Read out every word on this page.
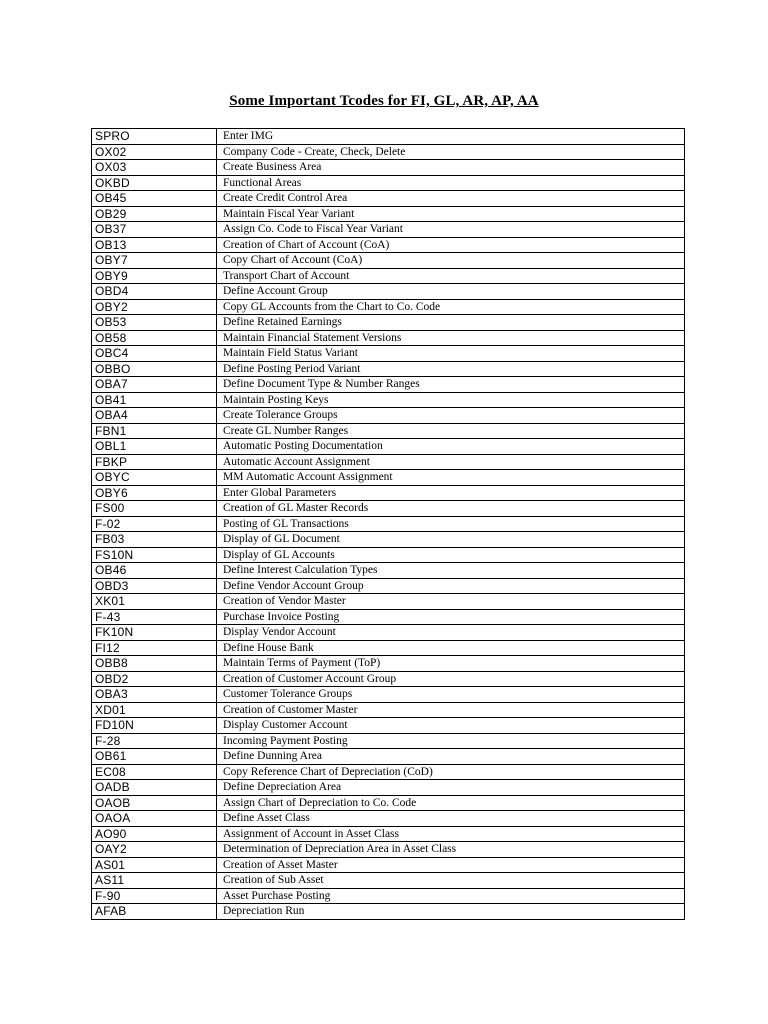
Some Important Tcodes for FI, GL, AR, AP, AA
SPRO	Enter IMG
OX02	Company Code - Create, Check, Delete
OX03	Create Business Area
OKBD	Functional Areas
OB45	Create Credit Control Area
OB29	Maintain Fiscal Year Variant
OB37	Assign Co. Code to Fiscal Year Variant
OB13	Creation of Chart of Account (CoA)
OBY7	Copy Chart of Account (CoA)
OBY9	Transport Chart of Account
OBD4	Define Account Group
OBY2	Copy GL Accounts from the Chart to Co. Code
OB53	Define Retained Earnings
OB58	Maintain Financial Statement Versions
OBC4	Maintain Field Status Variant
OBBO	Define Posting Period Variant
OBA7	Define Document Type & Number Ranges
OB41	Maintain Posting Keys
OBA4	Create Tolerance Groups
FBN1	Create GL Number Ranges
OBL1	Automatic Posting Documentation
FBKP	Automatic Account Assignment
OBYC	MM Automatic Account Assignment
OBY6	Enter Global Parameters
FS00	Creation of GL Master Records
F-02	Posting of GL Transactions
FB03	Display of GL Document
FS10N	Display of GL Accounts
OB46	Define Interest Calculation Types
OBD3	Define Vendor Account Group
XK01	Creation of Vendor Master
F-43	Purchase Invoice Posting
FK10N	Display Vendor Account
FI12	Define House Bank
OBB8	Maintain Terms of Payment (ToP)
OBD2	Creation of Customer Account Group
OBA3	Customer Tolerance Groups
XD01	Creation of Customer Master
FD10N	Display Customer Account
F-28	Incoming Payment Posting
OB61	Define Dunning Area
EC08	Copy Reference Chart of Depreciation (CoD)
OADB	Define Depreciation Area
OAOB	Assign Chart of Depreciation to Co. Code
OAOA	Define Asset Class
AO90	Assignment of Account in Asset Class
OAY2	Determination of Depreciation Area in Asset Class
AS01	Creation of Asset Master
AS11	Creation of Sub Asset
F-90	Asset Purchase Posting
AFAB	Depreciation Run
